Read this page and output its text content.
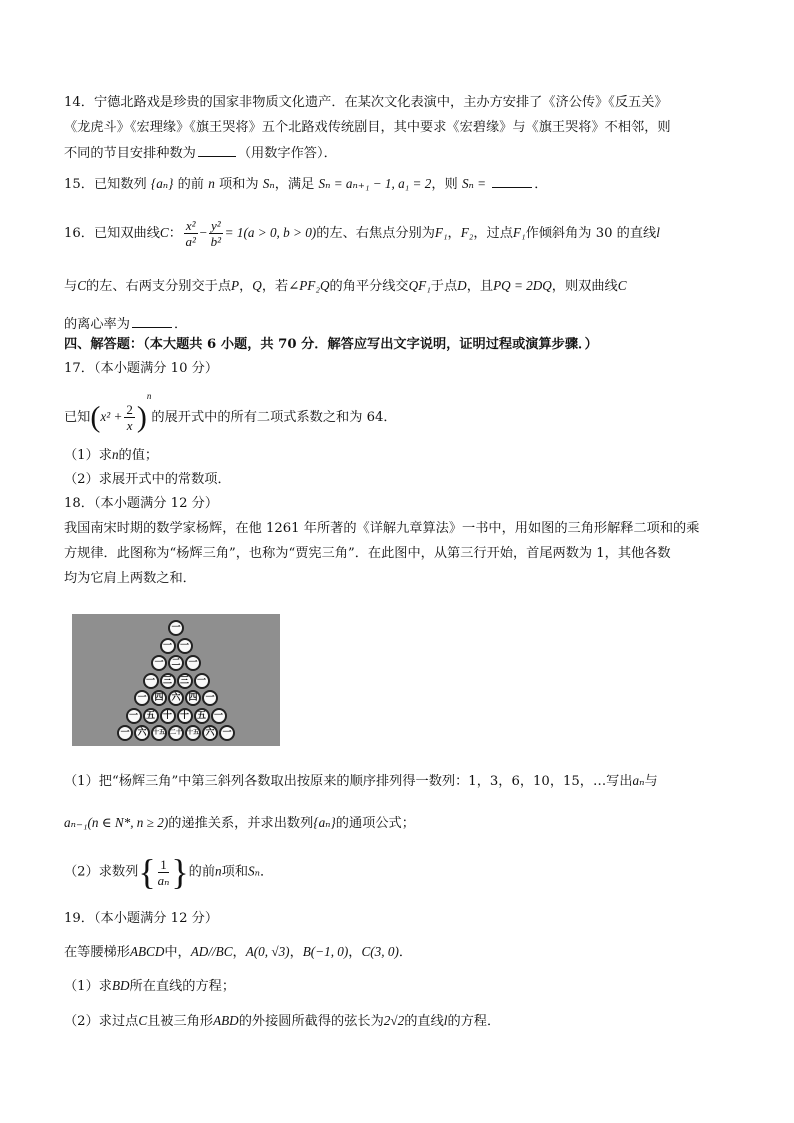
14．宁德北路戏是珍贵的国家非物质文化遗产．在某次文化表演中，主办方安排了《济公传》《反五关》
《龙虎斗》《宏理缘》《旗王哭将》五个北路戏传统剧目，其中要求《宏碧缘》与《旗王哭将》不相邻，则
不同的节目安排种数为	（用数字作答）．
15．已知数列 {aₙ} 的前 n 项和为 Sₙ，满足 Sₙ = aₙ₊₁ − 1, a₁ = 2，则 Sₙ =	．
16．已知双曲线C： $\frac{\text{x²}}{\text{a²}} - \frac{\text{y²}}{\text{b²}} = 1(a > 0$, b > 0)的左、右焦点分别为F₁，F₂，过点F₁作倾斜角为 30 的直线l
与C的左、右两支分别交于点P，Q，若∠PF₂Q的角平分线交QF₁于点D，且PQ = 2DQ，则双曲线C
的离心率为	．
四、解答题：（本大题共 6 小题，共 70 分．解答应写出文字说明，证明过程或演算步骤．）
17．（本小题满分 10 分）
已知$(x^2 + \frac{2}{x} )^n$的展开式中的所有二项式系数之和为 64．
（1）求n的值；
（2）求展开式中的常数项．
18．（本小题满分 12 分）
我国南宋时期的数学家杨辉，在他 1261 年所著的《详解九章算法》一书中，用如图的三角形解释二项和的乘
方规律．此图称为“杨辉三角”，也称为“贾宪三角”．在此图中，从第三行开始，首尾两数为 1，其他各数
均为它肩上两数之和．
一
一 一
一 二 一
一 三 三 一
一 四 六 四 一
一 五 十 十 五 一
一 六	十五 二十 十五 六 一
（1）把“杨辉三角”中第三斜列各数取出按原来的顺序排列得一数列：1，3，6，10，15，…写出aₙ与
aₙ₋₁(n ∈ N*, n ≥ 2)的递推关系，并求出数列{aₙ}的通项公式；
（2）求数列{ $\frac{1}{\text{aₙ}}$ }的前n项和Sₙ．
19．（本小题满分 12 分）
在等腰梯形ABCD中，AD//BC，A(0, √3)，B(−1, 0)，C(3, 0)．
（1）求BD所在直线的方程；
（2）求过点C且被三角形ABD的外接圆所截得的弦长为2√2的直线l的方程．
